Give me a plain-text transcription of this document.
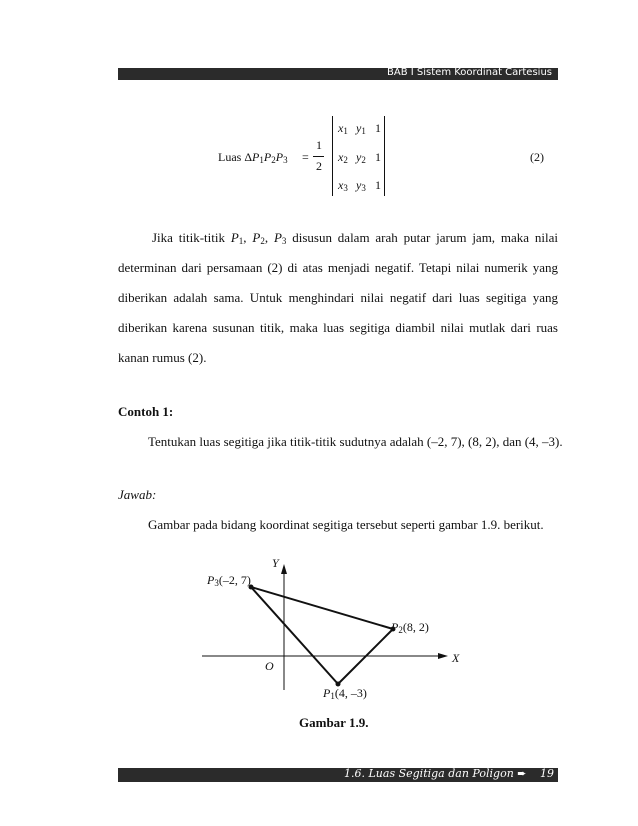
BAB I Sistem Koordinat Cartesius
Luas $\Delta P_1P_2P_3$ =
1
2
$x_1$ $y_1$ 1
$x_2$ $y_2$ 1
$x_3$ $y_3$ 1
(2)
Jika titik-titik $P_1$, $P_2$, $P_3$ disusun dalam arah putar jarum jam, maka nilai
determinan dari persamaan (2) di atas menjadi negatif. Tetapi nilai numerik yang
diberikan adalah sama. Untuk menghindari nilai negatif dari luas segitiga yang
diberikan karena susunan titik, maka luas segitiga diambil nilai mutlak dari ruas
kanan rumus (2).
Contoh 1:
Tentukan luas segitiga jika titik-titik sudutnya adalah (–2, 7), (8, 2), dan (4, –3).
Jawab:
Gambar pada bidang koordinat segitiga tersebut seperti gambar 1.9. berikut.
Y
X
O
$P_3(-2$, 7)
$P_2(8$, 2)
$P_1(4$, –3)
Gambar 1.9.
1.6. Luas Segitiga dan Poligon ➨ 19
